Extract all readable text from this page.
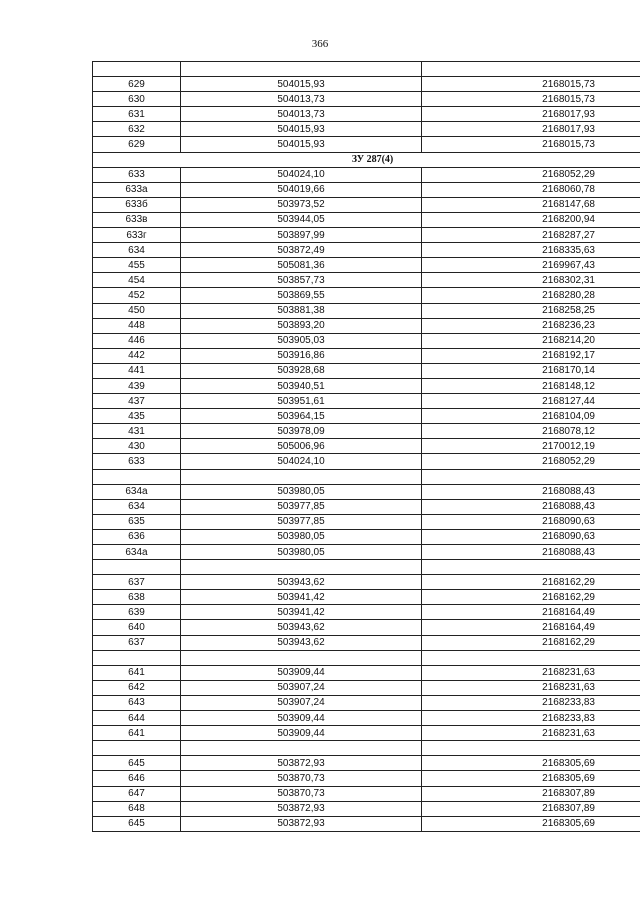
366

629	504015,93	2168015,73
630	504013,73	2168015,73
631	504013,73	2168017,93
632	504015,93	2168017,93
629	504015,93	2168015,73
ЗУ 287(4)		
633	504024,10	2168052,29
633а	504019,66	2168060,78
633б	503973,52	2168147,68
633в	503944,05	2168200,94
633г	503897,99	2168287,27
634	503872,49	2168335,63
455	505081,36	2169967,43
454	503857,73	2168302,31
452	503869,55	2168280,28
450	503881,38	2168258,25
448	503893,20	2168236,23
446	503905,03	2168214,20
442	503916,86	2168192,17
441	503928,68	2168170,14
439	503940,51	2168148,12
437	503951,61	2168127,44
435	503964,15	2168104,09
431	503978,09	2168078,12
430	505006,96	2170012,19
633	504024,10	2168052,29

634а	503980,05	2168088,43
634	503977,85	2168088,43
635	503977,85	2168090,63
636	503980,05	2168090,63
634а	503980,05	2168088,43

637	503943,62	2168162,29
638	503941,42	2168162,29
639	503941,42	2168164,49
640	503943,62	2168164,49
637	503943,62	2168162,29

641	503909,44	2168231,63
642	503907,24	2168231,63
643	503907,24	2168233,83
644	503909,44	2168233,83
641	503909,44	2168231,63

645	503872,93	2168305,69
646	503870,73	2168305,69
647	503870,73	2168307,89
648	503872,93	2168307,89
645	503872,93	2168305,69
